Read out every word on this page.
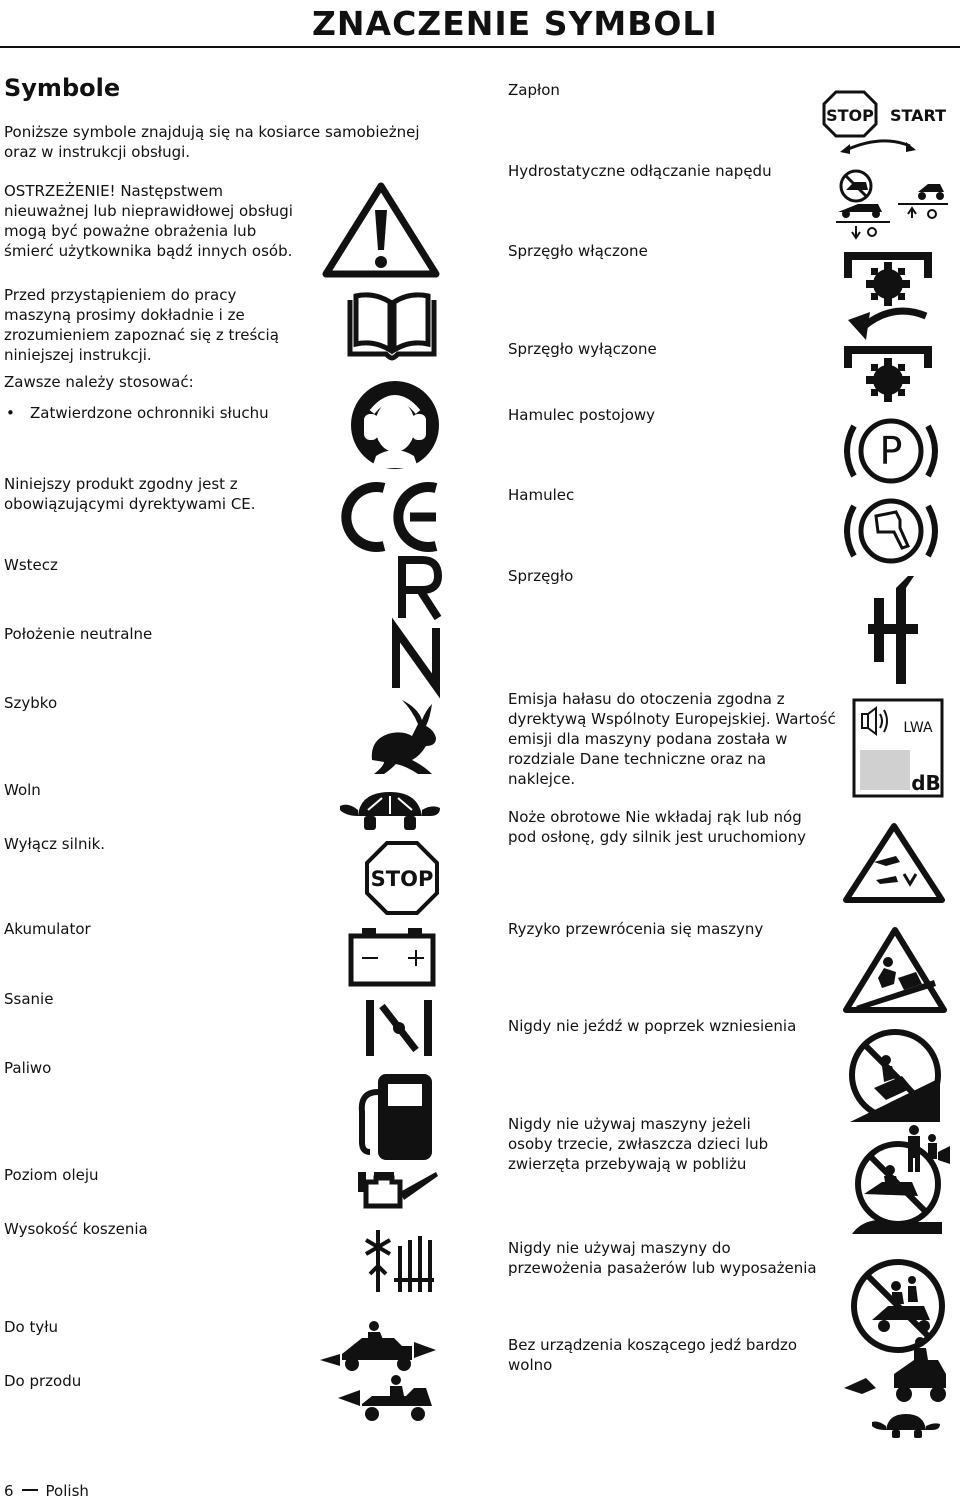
ZNACZENIE SYMBOLI
Symbole
Poniższe symbole znajdują się na kosiarce samobieżnej oraz w instrukcji obsługi.
OSTRZEŻENIE! Następstwem nieuważnej lub nieprawidłowej obsługi mogą być poważne obrażenia lub śmierć użytkownika bądź innych osób.
Przed przystąpieniem do pracy maszyną prosimy dokładnie i ze zrozumieniem zapoznać się z treścią niniejszej instrukcji.
Zawsze należy stosować:
• Zatwierdzone ochronniki słuchu
Niniejszy produkt zgodny jest z obowiązującymi dyrektywami CE.
Wstecz
Położenie neutralne
Szybko
Woln
Wyłącz silnik.
Akumulator
Ssanie
Paliwo
Poziom oleju
Wysokość koszenia
Do tyłu
Do przodu
Zapłon
Hydrostatyczne odłączanie napędu
Sprzęgło włączone
Sprzęgło wyłączone
Hamulec postojowy
Hamulec
Sprzęgło
Emisja hałasu do otoczenia zgodna z dyrektywą Wspólnoty Europejskiej. Wartość emisji dla maszyny podana została w rozdziale Dane techniczne oraz na naklejce.
Noże obrotowe Nie wkładaj rąk lub nóg pod osłonę, gdy silnik jest uruchomiony
Ryzyko przewrócenia się maszyny
Nigdy nie jeźdź w poprzek wzniesienia
Nigdy nie używaj maszyny jeżeli osoby trzecie, zwłaszcza dzieci lub zwierzęta przebywają w pobliżu
Nigdy nie używaj maszyny do przewożenia pasażerów lub wyposażenia
Bez urządzenia koszącego jedź bardzo wolno
STOP
STOP START
P
LWA
dB
6 Polish
